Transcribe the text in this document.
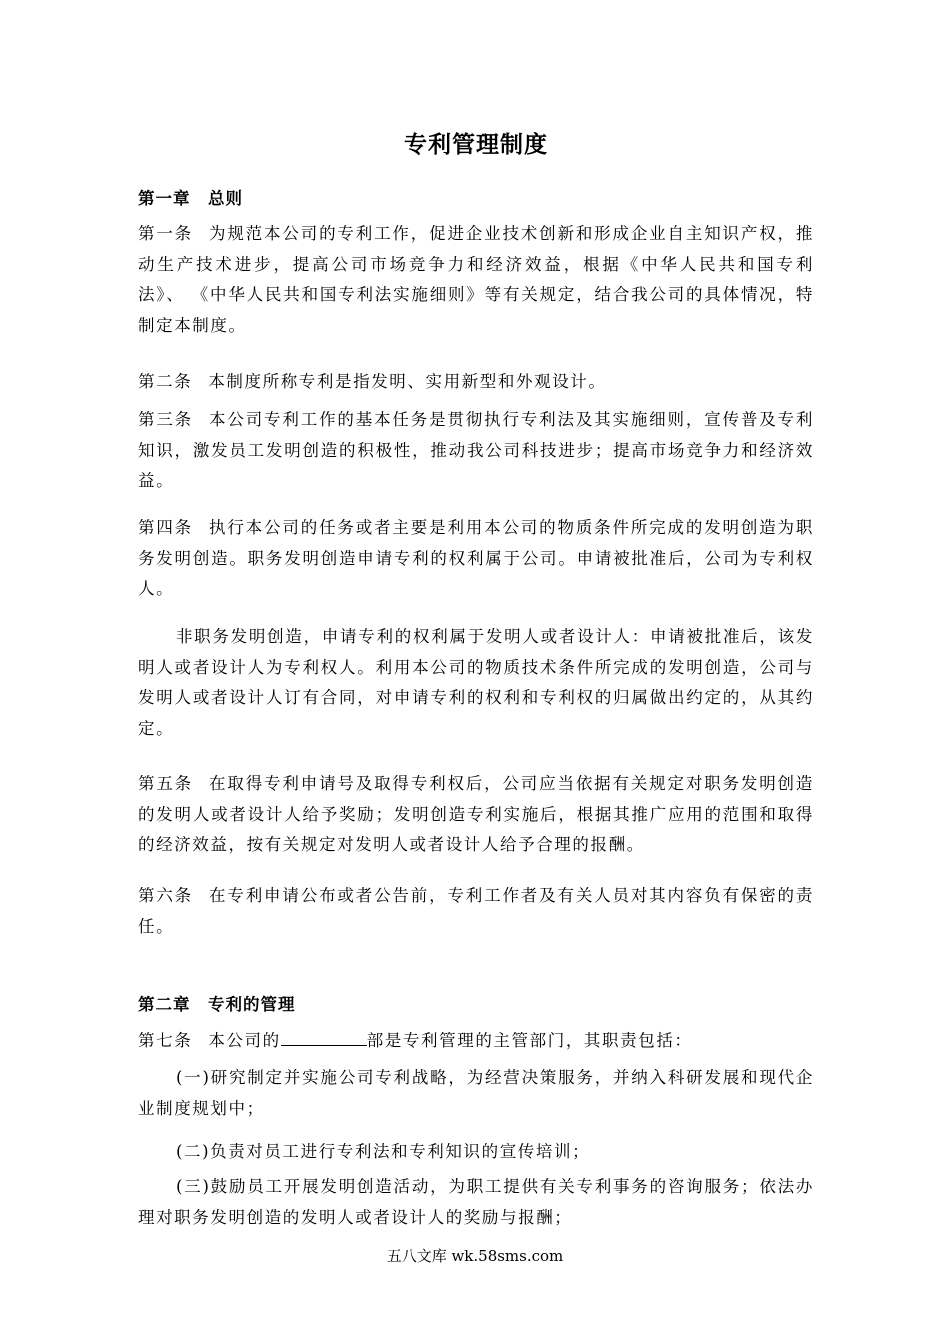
专利管理制度
第一章　总则
第一条 为规范本公司的专利工作，促进企业技术创新和形成企业自主知识产权，推动生产技术进步，提高公司市场竞争力和经济效益，根据《中华人民共和国专利法》、 《中华人民共和国专利法实施细则》等有关规定，结合我公司的具体情况，特制定本制度。
第二条 本制度所称专利是指发明、实用新型和外观设计。
第三条 本公司专利工作的基本任务是贯彻执行专利法及其实施细则，宣传普及专利知识，激发员工发明创造的积极性，推动我公司科技进步；提高市场竞争力和经济效益。
第四条 执行本公司的任务或者主要是利用本公司的物质条件所完成的发明创造为职务发明创造。职务发明创造申请专利的权利属于公司。申请被批准后，公司为专利权人。
非职务发明创造，申请专利的权利属于发明人或者设计人：申请被批准后，该发明人或者设计人为专利权人。利用本公司的物质技术条件所完成的发明创造，公司与发明人或者设计人订有合同，对申请专利的权利和专利权的归属做出约定的，从其约定。
第五条 在取得专利申请号及取得专利权后，公司应当依据有关规定对职务发明创造的发明人或者设计人给予奖励；发明创造专利实施后，根据其推广应用的范围和取得的经济效益，按有关规定对发明人或者设计人给予合理的报酬。
第六条 在专利申请公布或者公告前，专利工作者及有关人员对其内容负有保密的责任。
第二章　专利的管理
第七条 本公司的	部是专利管理的主管部门，其职责包括：
(一)研究制定并实施公司专利战略，为经营决策服务，并纳入科研发展和现代企业制度规划中；
(二)负责对员工进行专利法和专利知识的宣传培训；
(三)鼓励员工开展发明创造活动，为职工提供有关专利事务的咨询服务；依法办理对职务发明创造的发明人或者设计人的奖励与报酬；
五八文库 wk.58sms.com
